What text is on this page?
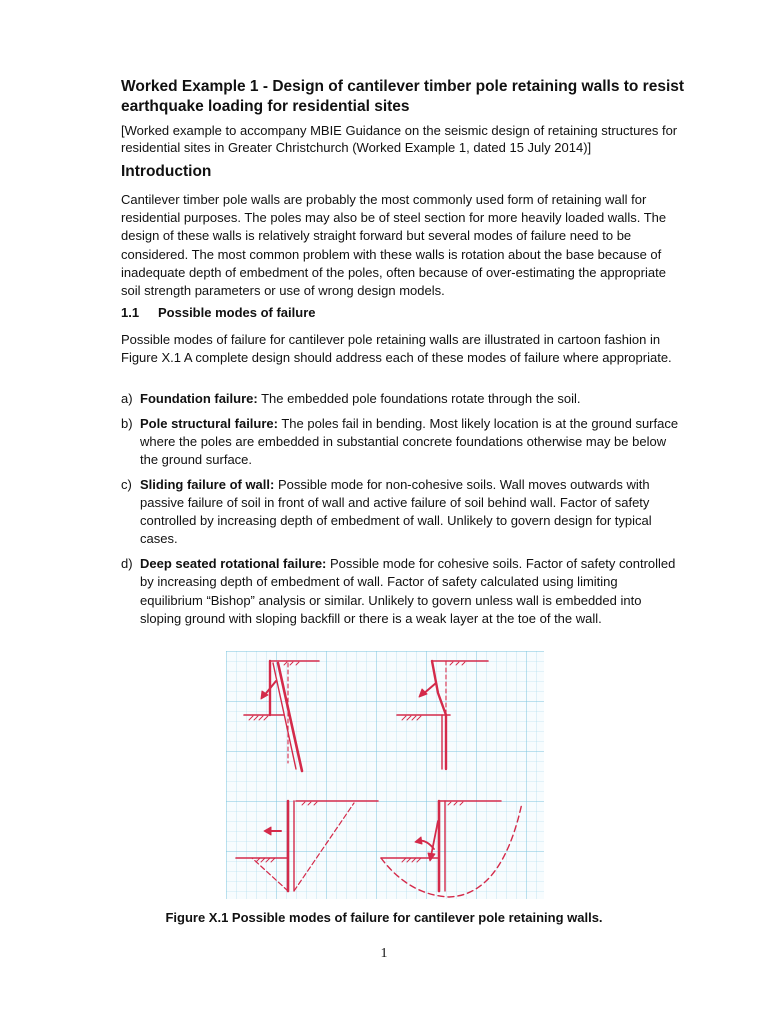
Worked Example 1 - Design of cantilever timber pole retaining walls to resist earthquake loading for residential sites

[Worked example to accompany MBIE Guidance on the seismic design of retaining structures for residential sites in Greater Christchurch (Worked Example 1, dated 15 July 2014)]

Introduction

Cantilever timber pole walls are probably the most commonly used form of retaining wall for residential purposes. The poles may also be of steel section for more heavily loaded walls. The design of these walls is relatively straight forward but several modes of failure need to be considered. The most common problem with these walls is rotation about the base because of inadequate depth of embedment of the poles, often because of over-estimating the appropriate soil strength parameters or use of wrong design models.

1.1 Possible modes of failure

Possible modes of failure for cantilever pole retaining walls are illustrated in cartoon fashion in Figure X.1 A complete design should address each of these modes of failure where appropriate.

a) Foundation failure: The embedded pole foundations rotate through the soil.
b) Pole structural failure: The poles fail in bending. Most likely location is at the ground surface where the poles are embedded in substantial concrete foundations otherwise may be below the ground surface.
c) Sliding failure of wall: Possible mode for non-cohesive soils. Wall moves outwards with passive failure of soil in front of wall and active failure of soil behind wall. Factor of safety controlled by increasing depth of embedment of wall. Unlikely to govern design for typical cases.
d) Deep seated rotational failure: Possible mode for cohesive soils. Factor of safety controlled by increasing depth of embedment of wall. Factor of safety calculated using limiting equilibrium “Bishop” analysis or similar. Unlikely to govern unless wall is embedded into sloping ground with sloping backfill or there is a weak layer at the toe of the wall.

Figure X.1 Possible modes of failure for cantilever pole retaining walls.

1
